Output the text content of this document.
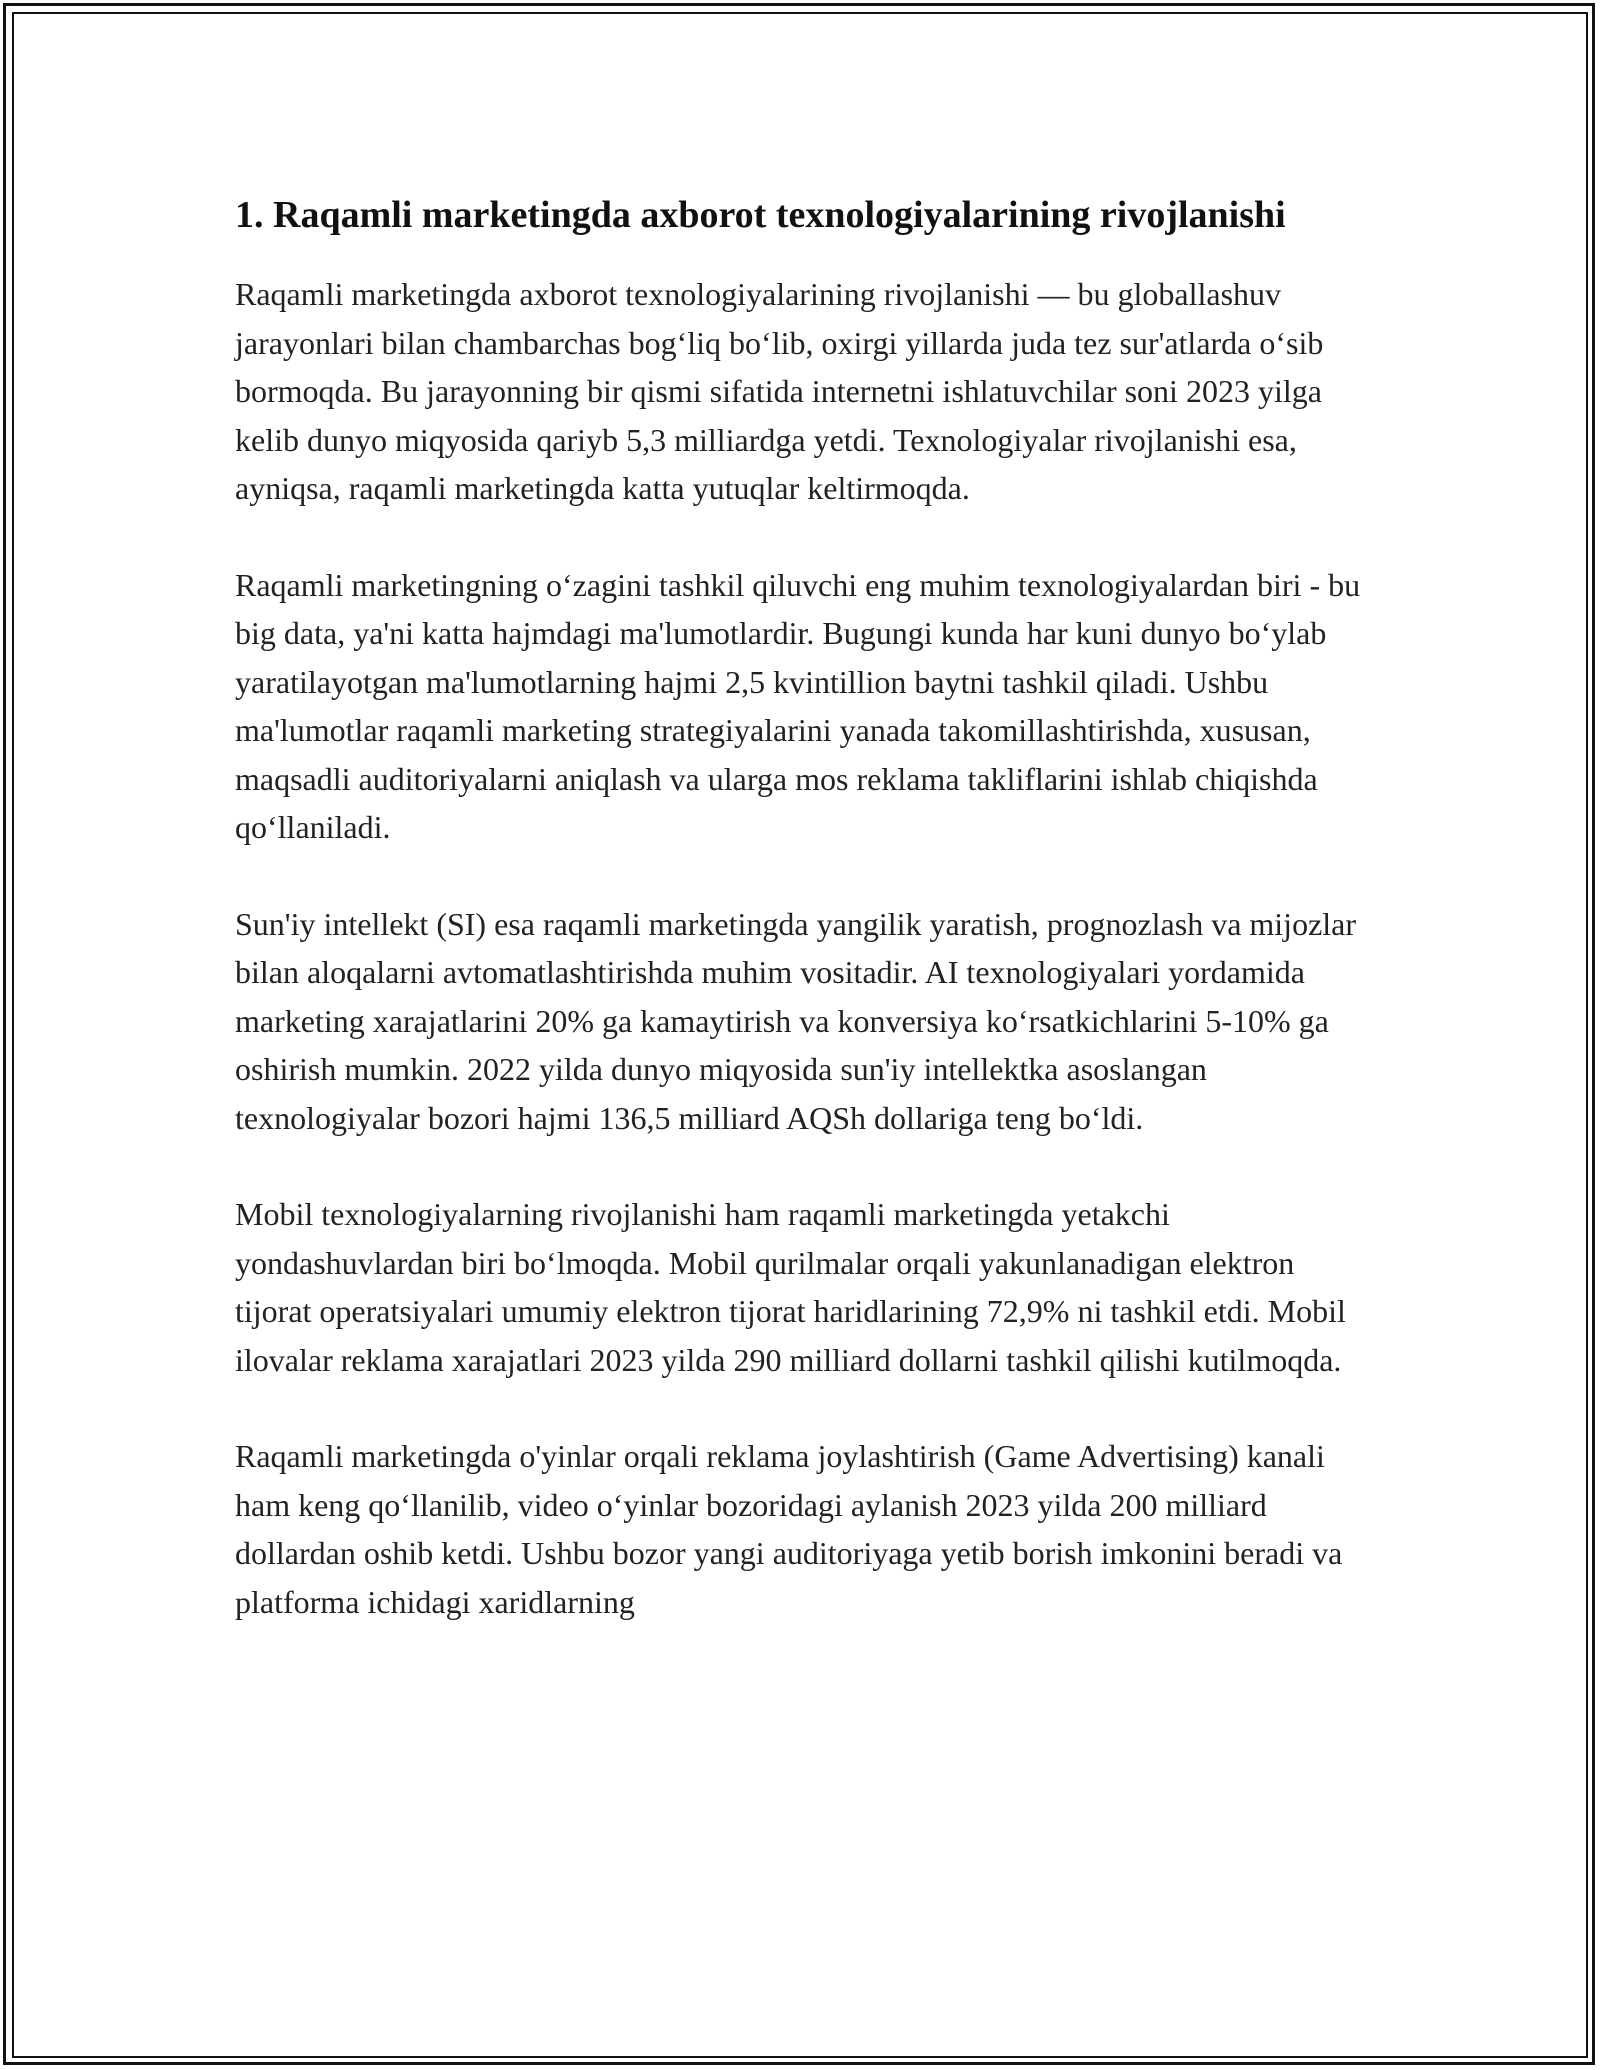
1. Raqamli marketingda axborot texnologiyalarining rivojlanishi

Raqamli marketingda axborot texnologiyalarining rivojlanishi — bu globallashuv jarayonlari bilan chambarchas bog‘liq bo‘lib, oxirgi yillarda juda tez sur'atlarda o‘sib bormoqda. Bu jarayonning bir qismi sifatida internetni ishlatuvchilar soni 2023 yilga kelib dunyo miqyosida qariyb 5,3 milliardga yetdi. Texnologiyalar rivojlanishi esa, ayniqsa, raqamli marketingda katta yutuqlar keltirmoqda.

Raqamli marketingning o‘zagini tashkil qiluvchi eng muhim texnologiyalardan biri - bu big data, ya'ni katta hajmdagi ma'lumotlardir. Bugungi kunda har kuni dunyo bo‘ylab yaratilayotgan ma'lumotlarning hajmi 2,5 kvintillion baytni tashkil qiladi. Ushbu ma'lumotlar raqamli marketing strategiyalarini yanada takomillashtirishda, xususan, maqsadli auditoriyalarni aniqlash va ularga mos reklama takliflarini ishlab chiqishda qo‘llaniladi.

Sun'iy intellekt (SI) esa raqamli marketingda yangilik yaratish, prognozlash va mijozlar bilan aloqalarni avtomatlashtirishda muhim vositadir. AI texnologiyalari yordamida marketing xarajatlarini 20% ga kamaytirish va konversiya ko‘rsatkichlarini 5-10% ga oshirish mumkin. 2022 yilda dunyo miqyosida sun'iy intellektka asoslangan texnologiyalar bozori hajmi 136,5 milliard AQSh dollariga teng bo‘ldi.

Mobil texnologiyalarning rivojlanishi ham raqamli marketingda yetakchi yondashuvlardan biri bo‘lmoqda. Mobil qurilmalar orqali yakunlanadigan elektron tijorat operatsiyalari umumiy elektron tijorat haridlarining 72,9% ni tashkil etdi. Mobil ilovalar reklama xarajatlari 2023 yilda 290 milliard dollarni tashkil qilishi kutilmoqda.

Raqamli marketingda o'yinlar orqali reklama joylashtirish (Game Advertising) kanali ham keng qo‘llanilib, video o‘yinlar bozoridagi aylanish 2023 yilda 200 milliard dollardan oshib ketdi. Ushbu bozor yangi auditoriyaga yetib borish imkonini beradi va platforma ichidagi xaridlarning
